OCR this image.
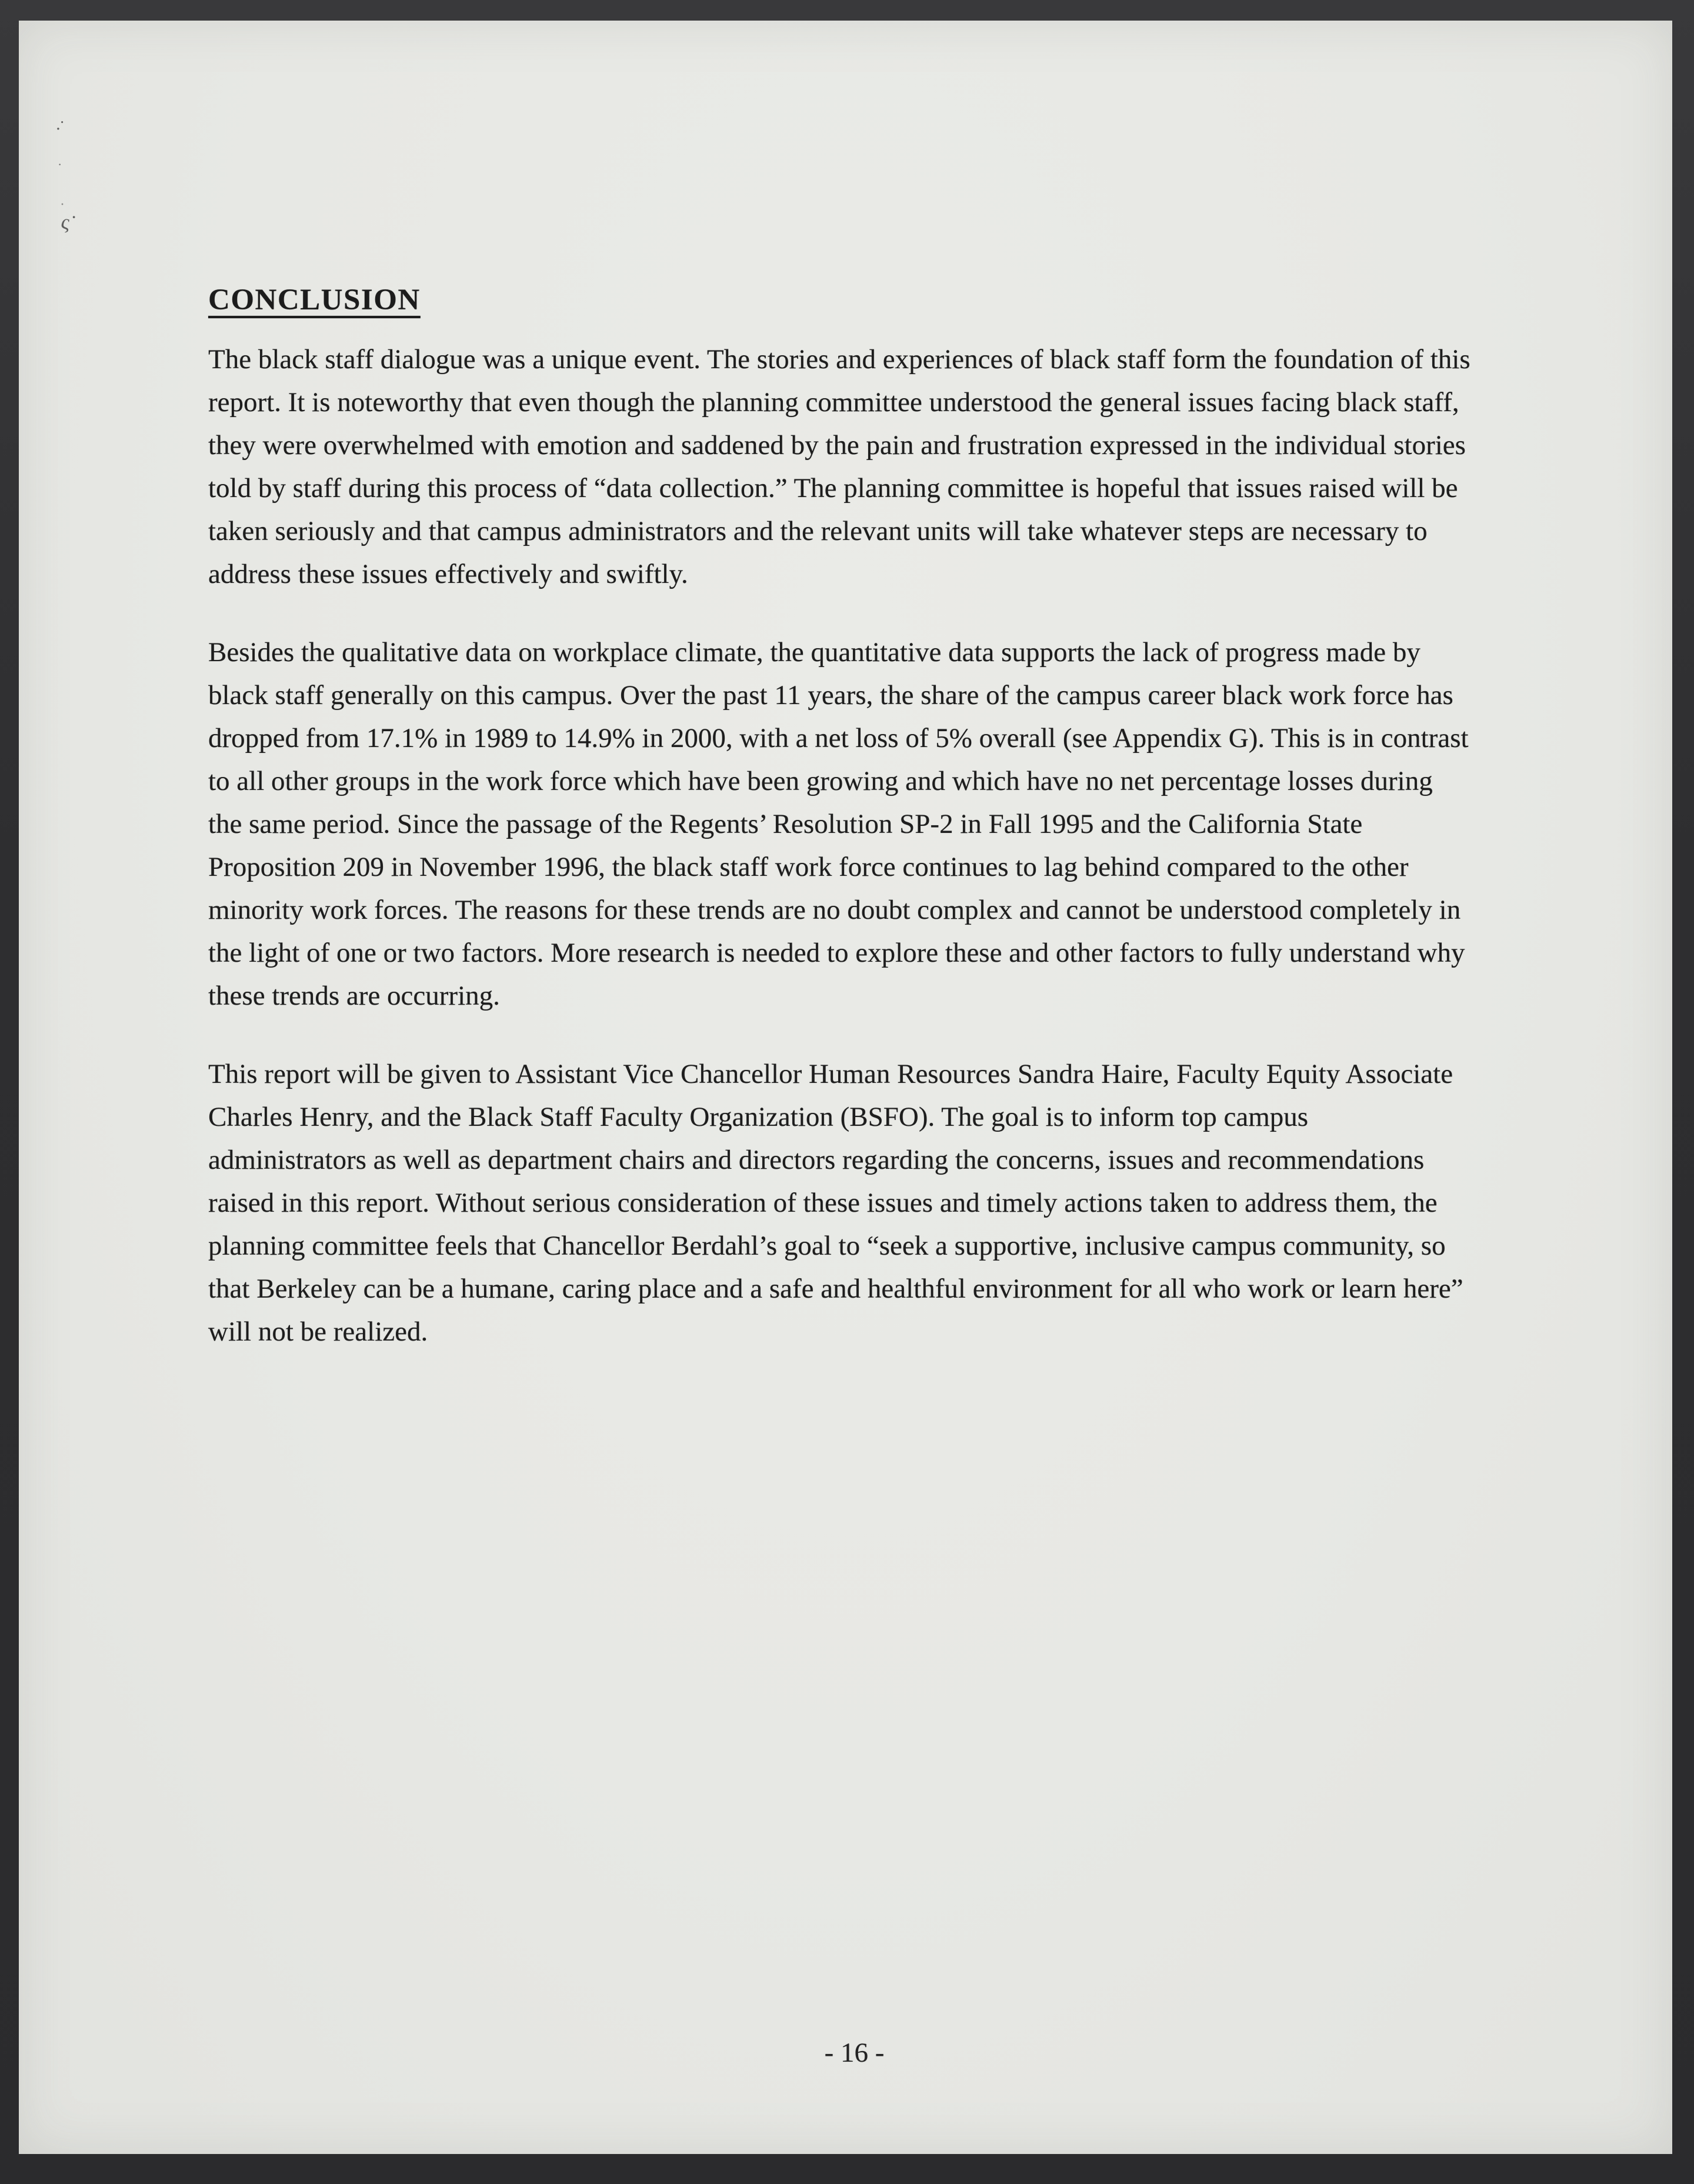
·˙
·
·
ς˙
CONCLUSION

The black staff dialogue was a unique event. The stories and experiences of black staff form the foundation of this report. It is noteworthy that even though the planning committee understood the general issues facing black staff, they were overwhelmed with emotion and saddened by the pain and frustration expressed in the individual stories told by staff during this process of “data collection.” The planning committee is hopeful that issues raised will be taken seriously and that campus administrators and the relevant units will take whatever steps are necessary to address these issues effectively and swiftly.

Besides the qualitative data on workplace climate, the quantitative data supports the lack of progress made by black staff generally on this campus. Over the past 11 years, the share of the campus career black work force has dropped from 17.1% in 1989 to 14.9% in 2000, with a net loss of 5% overall (see Appendix G). This is in contrast to all other groups in the work force which have been growing and which have no net percentage losses during the same period. Since the passage of the Regents’ Resolution SP-2 in Fall 1995 and the California State Proposition 209 in November 1996, the black staff work force continues to lag behind compared to the other minority work forces. The reasons for these trends are no doubt complex and cannot be understood completely in the light of one or two factors. More research is needed to explore these and other factors to fully understand why these trends are occurring.

This report will be given to Assistant Vice Chancellor Human Resources Sandra Haire, Faculty Equity Associate Charles Henry, and the Black Staff Faculty Organization (BSFO). The goal is to inform top campus administrators as well as department chairs and directors regarding the concerns, issues and recommendations raised in this report. Without serious consideration of these issues and timely actions taken to address them, the planning committee feels that Chancellor Berdahl’s goal to “seek a supportive, inclusive campus community, so that Berkeley can be a humane, caring place and a safe and healthful environment for all who work or learn here” will not be realized.

- 16 -
